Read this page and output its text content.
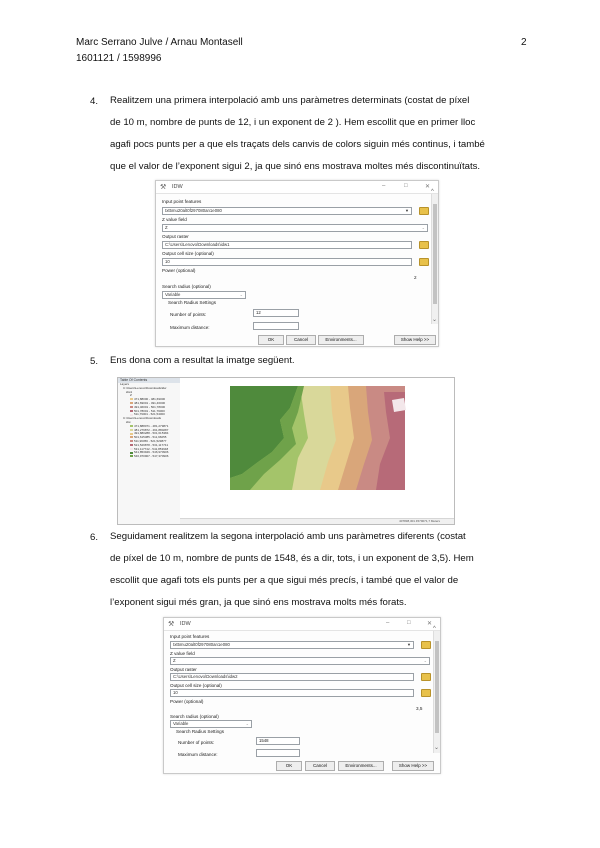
Marc Serrano Julve / Arnau Montasell
1601121 / 1598996
2
4. Realitzem una primera interpolació amb uns paràmetres determinats (costat de píxel
de 10 m, nombre de punts de 12, i un exponent de 2 ). Hem escollit que en primer lloc
agafi pocs punts per a que els traçats dels canvis de colors siguin més continus, i també
que el valor de l’exponent sigui 2, ja que sinó ens mostrava moltes més discontinuïtats.
⚒ IDW	–	□	✕
Input point features
txt5mu20alt0f297080an1e080	▼
Z value field
Z	⌄
Output raster
C:\Users\Lenovo\Downloads\idw1
Output cell size (optional)
10
Power (optional)
2
Search radius (optional)
Variable	⌄
Search Radius Settings
Number of points:	12
Maximum distance:
^
⌄
OK	Cancel	Environments...	Show Help >>
5. Ens dona com a resultat la imatge següent.
Table Of Contents
Layers
C:\Users\Lenovo\Downloads\idw
idw1
Z
471,88000 - 481,69000
481,69001 - 491,46000
491,46001 - 501,78000
501,78001 - 511,79000
511,79001 - 521,54000
C:\Users\Lenovo\Downloads
idw
471,888071 - 481,279871
481,279872 - 491,880287
491,880288 - 501,615384
501,615385 - 511,96055
511,96056 - 521,529877
521,529878 - 531,117741
531,117742 - 541,853948
541,853949 - 546,970906
546,970907 - 547,370906
407838,301 4579071,7 Meters
6. Seguidament realitzem la segona interpolació amb uns paràmetres diferents (costat
de píxel de 10 m, nombre de punts de 1548, és a dir, tots, i un exponent de 3,5). Hem
escollit que agafi tots els punts per a que sigui més precís, i també que el valor de
l’exponent sigui més gran, ja que sinó ens mostrava molts més forats.
⚒ IDW	–	□	✕
Input point features
txt5mu20alt0f297080an1e080	▼
Z value field
Z	⌄
Output raster
C:\Users\Lenovo\Downloads\idw2
Output cell size (optional)
10
Power (optional)
3,5
Search radius (optional)
Variable	⌄
Search Radius Settings
Number of points:	1548
Maximum distance:
^
⌄
OK	Cancel	Environments...	Show Help >>
